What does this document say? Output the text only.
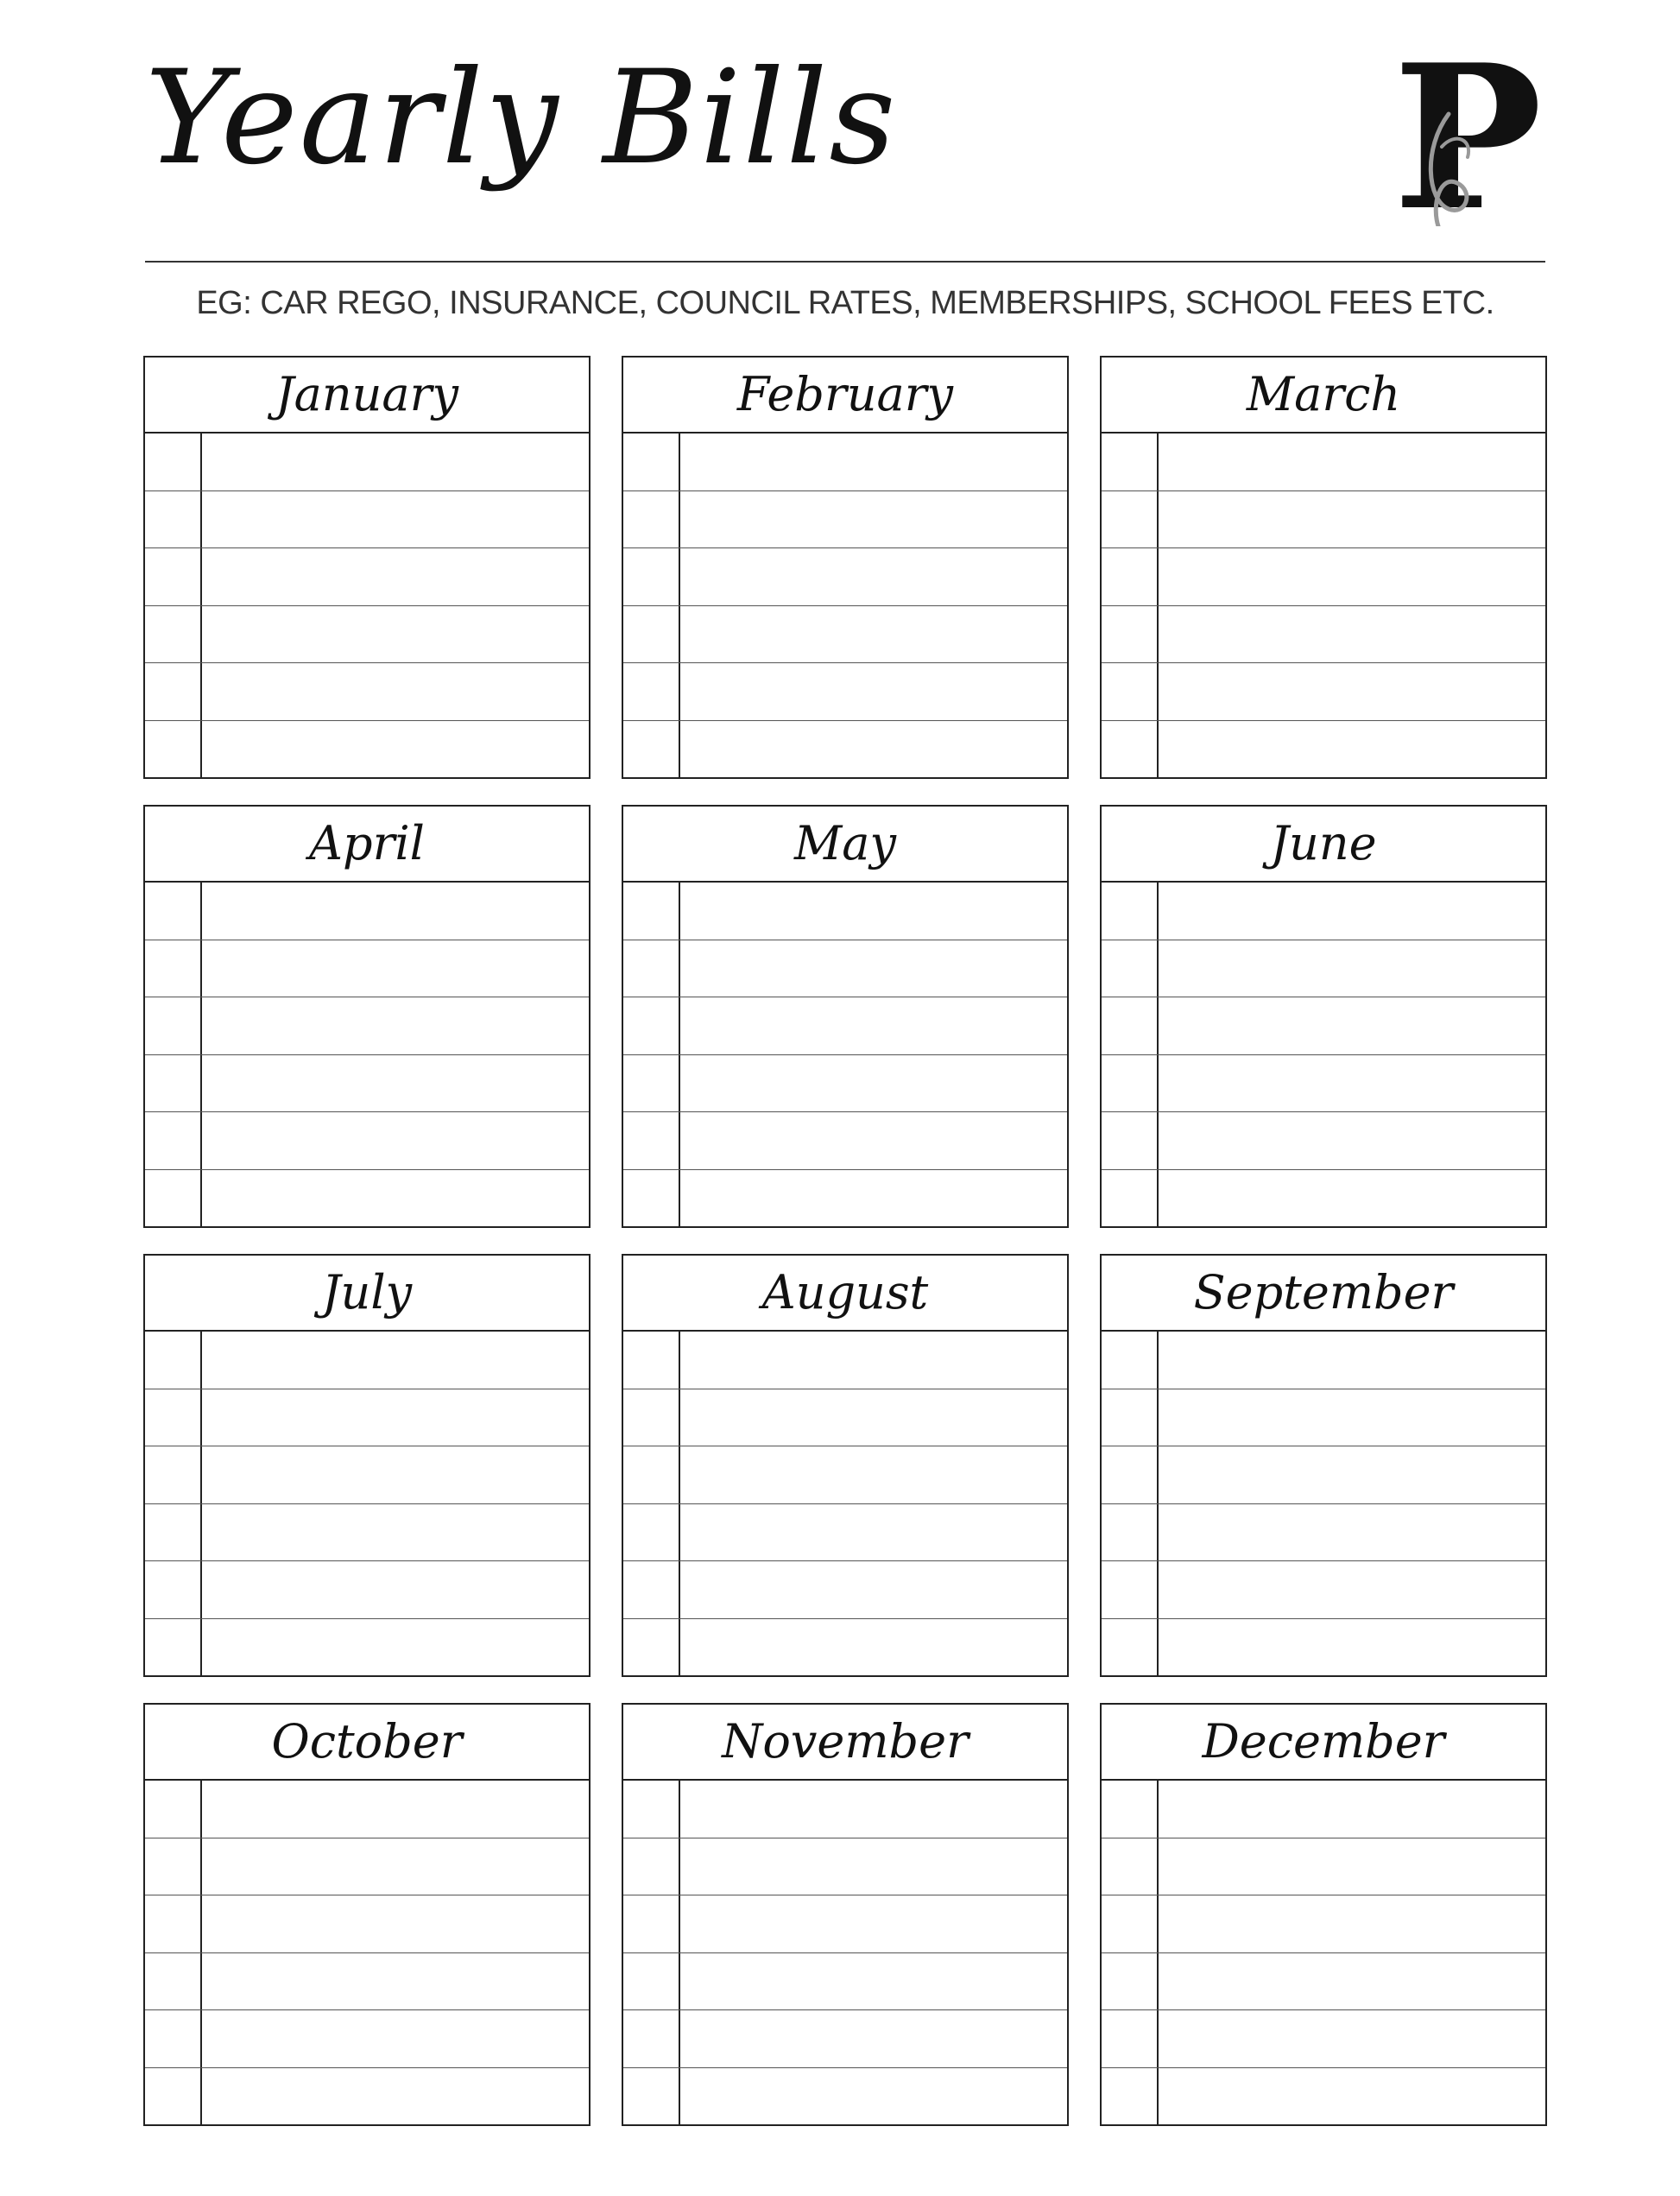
Yearly Bills P
EG: CAR REGO, INSURANCE, COUNCIL RATES, MEMBERSHIPS, SCHOOL FEES ETC.
January	February	March
April	May	June
July	August	September
October	November	December
